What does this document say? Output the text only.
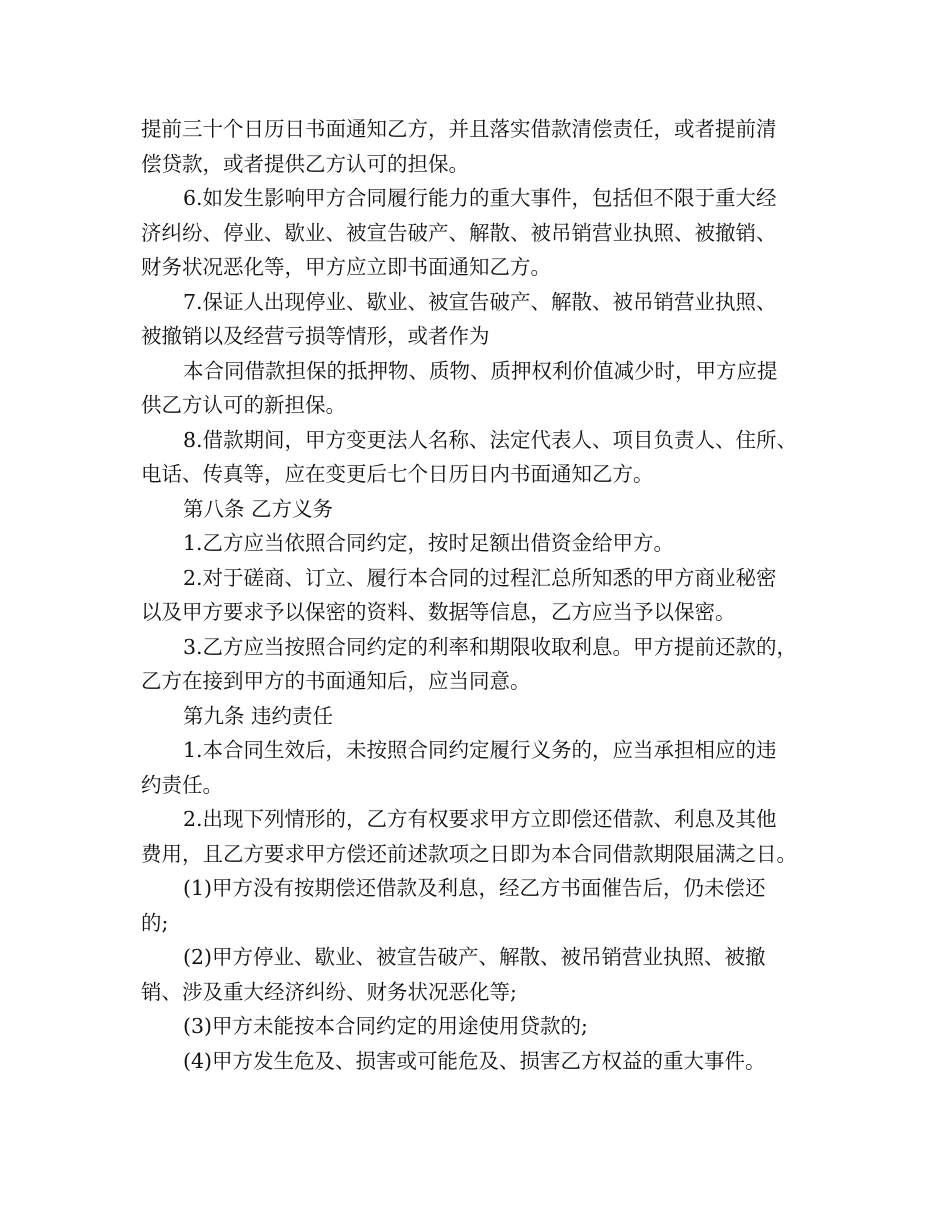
提前三十个日历日书面通知乙方，并且落实借款清偿责任，或者提前清
偿贷款，或者提供乙方认可的担保。
6.如发生影响甲方合同履行能力的重大事件，包括但不限于重大经
济纠纷、停业、歇业、被宣告破产、解散、被吊销营业执照、被撤销、
财务状况恶化等，甲方应立即书面通知乙方。
7.保证人出现停业、歇业、被宣告破产、解散、被吊销营业执照、
被撤销以及经营亏损等情形，或者作为
本合同借款担保的抵押物、质物、质押权利价值减少时，甲方应提
供乙方认可的新担保。
8.借款期间，甲方变更法人名称、法定代表人、项目负责人、住所、
电话、传真等，应在变更后七个日历日内书面通知乙方。
第八条 乙方义务
1.乙方应当依照合同约定，按时足额出借资金给甲方。
2.对于磋商、订立、履行本合同的过程汇总所知悉的甲方商业秘密
以及甲方要求予以保密的资料、数据等信息，乙方应当予以保密。
3.乙方应当按照合同约定的利率和期限收取利息。甲方提前还款的，
乙方在接到甲方的书面通知后，应当同意。
第九条 违约责任
1.本合同生效后，未按照合同约定履行义务的，应当承担相应的违
约责任。
2.出现下列情形的，乙方有权要求甲方立即偿还借款、利息及其他
费用，且乙方要求甲方偿还前述款项之日即为本合同借款期限届满之日。
(1)甲方没有按期偿还借款及利息，经乙方书面催告后，仍未偿还
的;
(2)甲方停业、歇业、被宣告破产、解散、被吊销营业执照、被撤
销、涉及重大经济纠纷、财务状况恶化等;
(3)甲方未能按本合同约定的用途使用贷款的;
(4)甲方发生危及、损害或可能危及、损害乙方权益的重大事件。
